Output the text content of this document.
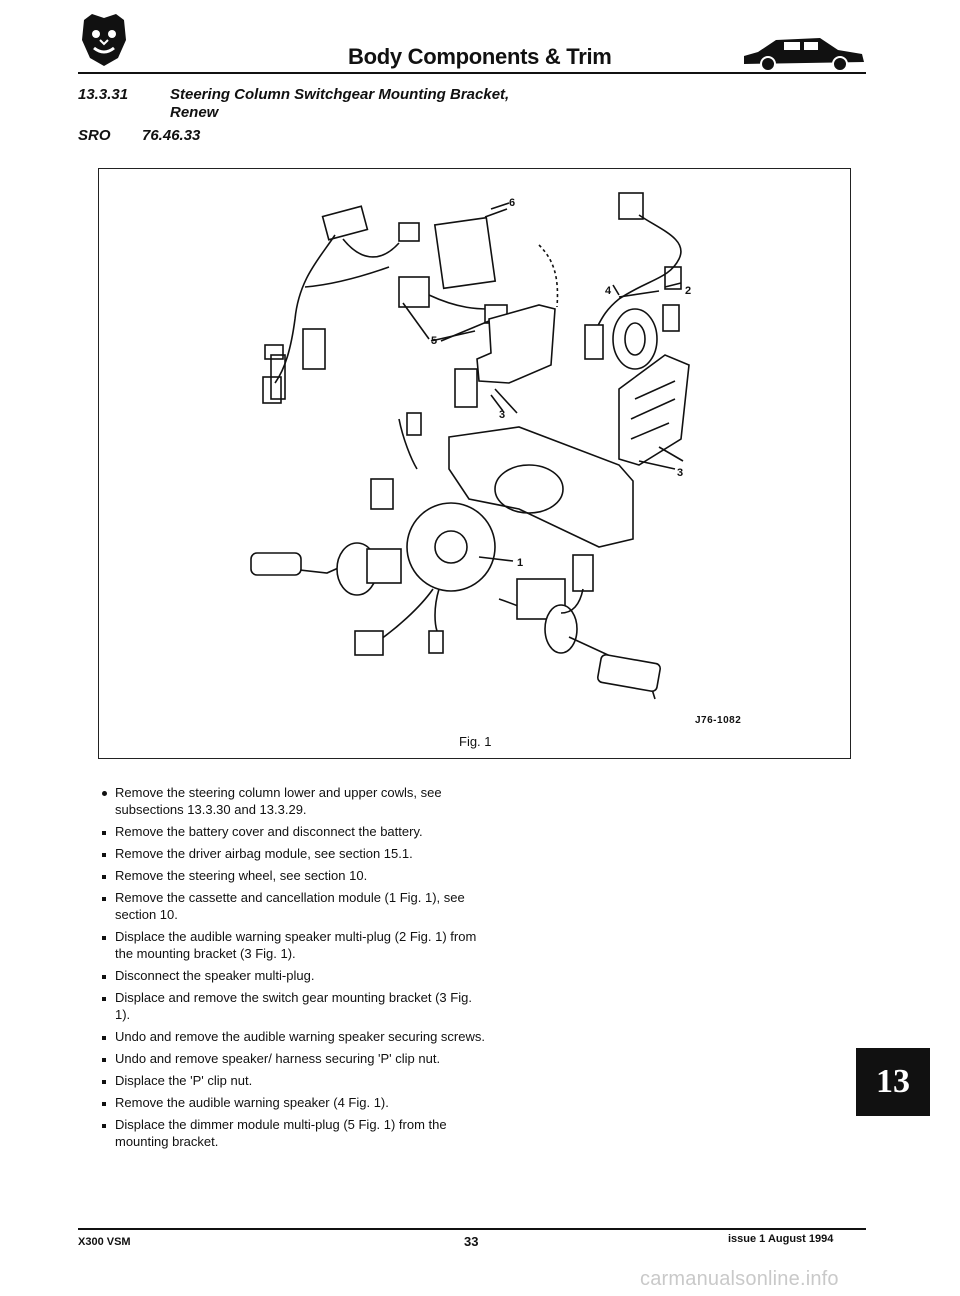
Body Components & Trim
13.3.31	Steering Column Switchgear Mounting Bracket, Renew
SRO 76.46.33
6
5
3
4	2
3
1
J76-1082
Fig. 1
Remove the steering column lower and upper cowls, see subsections 13.3.30 and 13.3.29.
Remove the battery cover and disconnect the battery.
Remove the driver airbag module, see section 15.1.
Remove the steering wheel, see section 10.
Remove the cassette and cancellation module (1 Fig. 1), see section 10.
Displace the audible warning speaker multi-plug (2 Fig. 1) from the mounting bracket (3 Fig. 1).
Disconnect the speaker multi-plug.
Displace and remove the switch gear mounting bracket (3 Fig. 1).
Undo and remove the audible warning speaker securing screws.
Undo and remove speaker/ harness securing 'P' clip nut.
Displace the 'P' clip nut.
Remove the audible warning speaker (4 Fig. 1).
Displace the dimmer module multi-plug (5 Fig. 1) from the mounting bracket.
13
X300 VSM	33	issue 1 August 1994
carmanualsonline.info
